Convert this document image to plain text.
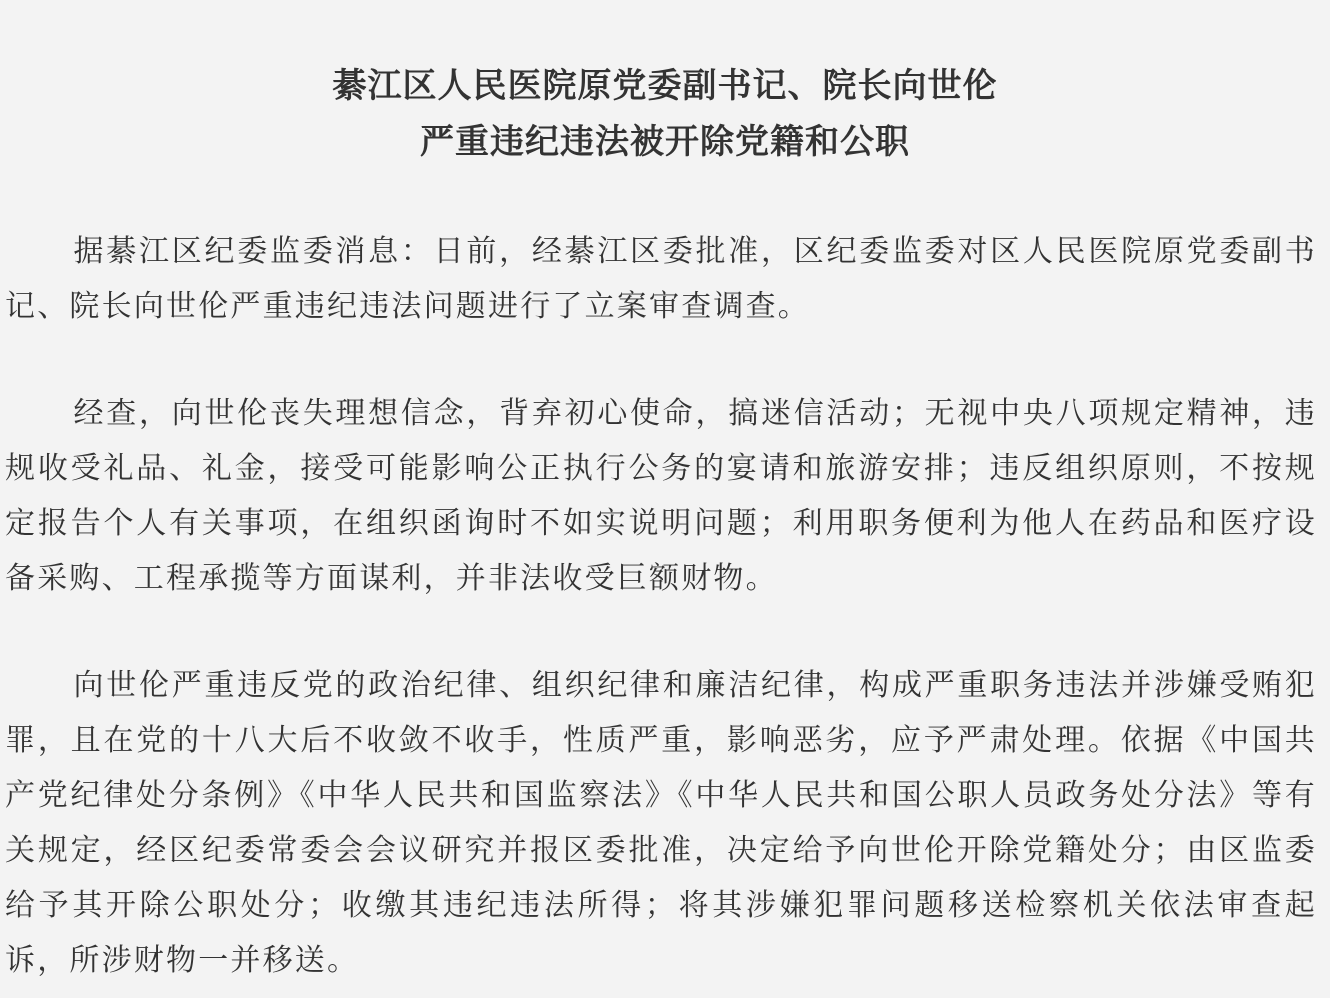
綦江区人民医院原党委副书记、院长向世伦
严重违纪违法被开除党籍和公职

据綦江区纪委监委消息：日前，经綦江区委批准，区纪委监委对区人民医院原党委副书记、院长向世伦严重违纪违法问题进行了立案审查调查。

经查，向世伦丧失理想信念，背弃初心使命，搞迷信活动；无视中央八项规定精神，违规收受礼品、礼金，接受可能影响公正执行公务的宴请和旅游安排；违反组织原则，不按规定报告个人有关事项，在组织函询时不如实说明问题；利用职务便利为他人在药品和医疗设备采购、工程承揽等方面谋利，并非法收受巨额财物。

向世伦严重违反党的政治纪律、组织纪律和廉洁纪律，构成严重职务违法并涉嫌受贿犯罪，且在党的十八大后不收敛不收手，性质严重，影响恶劣，应予严肃处理。依据《中国共产党纪律处分条例》《中华人民共和国监察法》《中华人民共和国公职人员政务处分法》等有关规定，经区纪委常委会会议研究并报区委批准，决定给予向世伦开除党籍处分；由区监委给予其开除公职处分；收缴其违纪违法所得；将其涉嫌犯罪问题移送检察机关依法审查起诉，所涉财物一并移送。
